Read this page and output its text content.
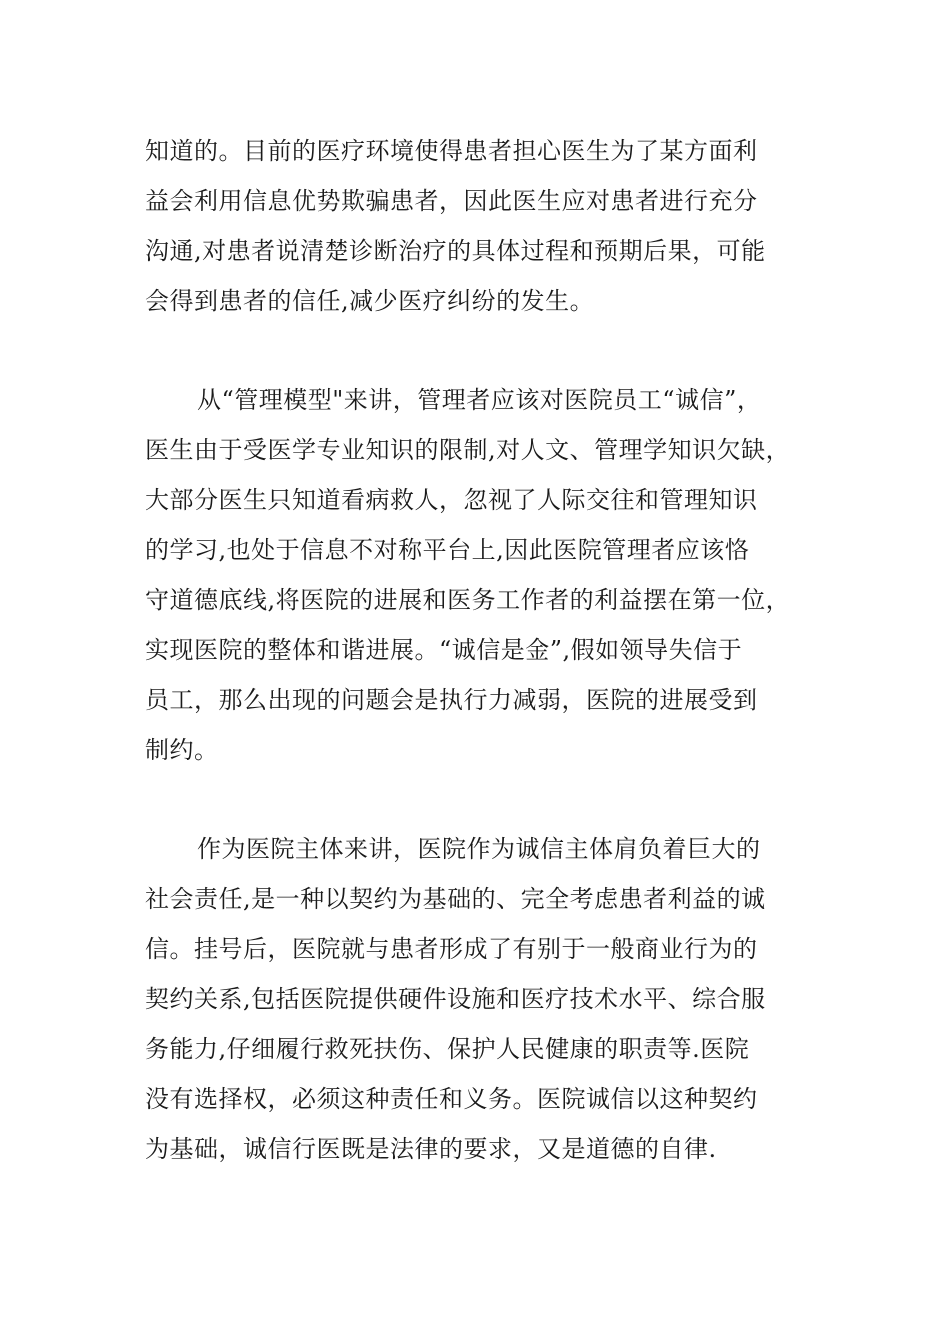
知道的。目前的医疗环境使得患者担心医生为了某方面利

益会利用信息优势欺骗患者，因此医生应对患者进行充分

沟通,对患者说清楚诊断治疗的具体过程和预期后果，可能

会得到患者的信任,减少医疗纠纷的发生。

从“管理模型"来讲，管理者应该对医院员工“诚信”，

医生由于受医学专业知识的限制,对人文、管理学知识欠缺，

大部分医生只知道看病救人，忽视了人际交往和管理知识

的学习,也处于信息不对称平台上,因此医院管理者应该恪

守道德底线,将医院的进展和医务工作者的利益摆在第一位，

实现医院的整体和谐进展。“诚信是金”,假如领导失信于

员工，那么出现的问题会是执行力减弱，医院的进展受到

制约。

作为医院主体来讲，医院作为诚信主体肩负着巨大的

社会责任,是一种以契约为基础的、完全考虑患者利益的诚

信。挂号后，医院就与患者形成了有别于一般商业行为的

契约关系,包括医院提供硬件设施和医疗技术水平、综合服

务能力,仔细履行救死扶伤、保护人民健康的职责等.医院

没有选择权，必须这种责任和义务。医院诚信以这种契约

为基础，诚信行医既是法律的要求，又是道德的自律.
